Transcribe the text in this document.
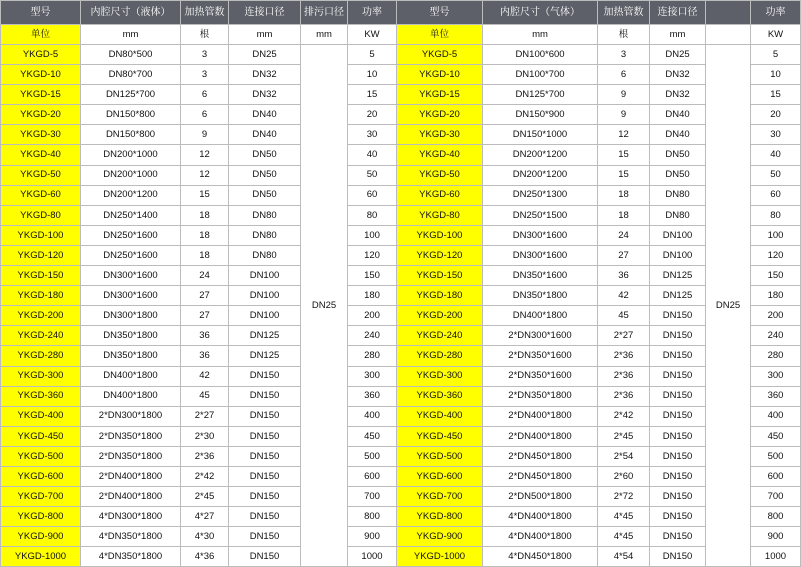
型号	内腔尺寸（液体）	加热管数	连接口径	排污口径	功率	型号	内腔尺寸（气体）	加热管数	连接口径		功率
单位	mm	根	mm	mm	KW	单位	mm	根	mm		KW
YKGD-5	DN80*500	3	DN25	DN25	5	YKGD-5	DN100*600	3	DN25	DN25	5
YKGD-10	DN80*700	3	DN32		10	YKGD-10	DN100*700	6	DN32		10
YKGD-15	DN125*700	6	DN32		15	YKGD-15	DN125*700	9	DN32		15
YKGD-20	DN150*800	6	DN40		20	YKGD-20	DN150*900	9	DN40		20
YKGD-30	DN150*800	9	DN40		30	YKGD-30	DN150*1000	12	DN40		30
YKGD-40	DN200*1000	12	DN50		40	YKGD-40	DN200*1200	15	DN50		40
YKGD-50	DN200*1000	12	DN50		50	YKGD-50	DN200*1200	15	DN50		50
YKGD-60	DN200*1200	15	DN50		60	YKGD-60	DN250*1300	18	DN80		60
YKGD-80	DN250*1400	18	DN80		80	YKGD-80	DN250*1500	18	DN80		80
YKGD-100	DN250*1600	18	DN80		100	YKGD-100	DN300*1600	24	DN100		100
YKGD-120	DN250*1600	18	DN80		120	YKGD-120	DN300*1600	27	DN100		120
YKGD-150	DN300*1600	24	DN100		150	YKGD-150	DN350*1600	36	DN125		150
YKGD-180	DN300*1600	27	DN100		180	YKGD-180	DN350*1800	42	DN125		180
YKGD-200	DN300*1800	27	DN100		200	YKGD-200	DN400*1800	45	DN150		200
YKGD-240	DN350*1800	36	DN125		240	YKGD-240	2*DN300*1600	2*27	DN150		240
YKGD-280	DN350*1800	36	DN125		280	YKGD-280	2*DN350*1600	2*36	DN150		280
YKGD-300	DN400*1800	42	DN150		300	YKGD-300	2*DN350*1600	2*36	DN150		300
YKGD-360	DN400*1800	45	DN150		360	YKGD-360	2*DN350*1800	2*36	DN150		360
YKGD-400	2*DN300*1800	2*27	DN150		400	YKGD-400	2*DN400*1800	2*42	DN150		400
YKGD-450	2*DN350*1800	2*30	DN150		450	YKGD-450	2*DN400*1800	2*45	DN150		450
YKGD-500	2*DN350*1800	2*36	DN150		500	YKGD-500	2*DN450*1800	2*54	DN150		500
YKGD-600	2*DN400*1800	2*42	DN150		600	YKGD-600	2*DN450*1800	2*60	DN150		600
YKGD-700	2*DN400*1800	2*45	DN150		700	YKGD-700	2*DN500*1800	2*72	DN150		700
YKGD-800	4*DN300*1800	4*27	DN150		800	YKGD-800	4*DN400*1800	4*45	DN150		800
YKGD-900	4*DN350*1800	4*30	DN150		900	YKGD-900	4*DN400*1800	4*45	DN150		900
YKGD-1000	4*DN350*1800	4*36	DN150		1000	YKGD-1000	4*DN450*1800	4*54	DN150		1000
